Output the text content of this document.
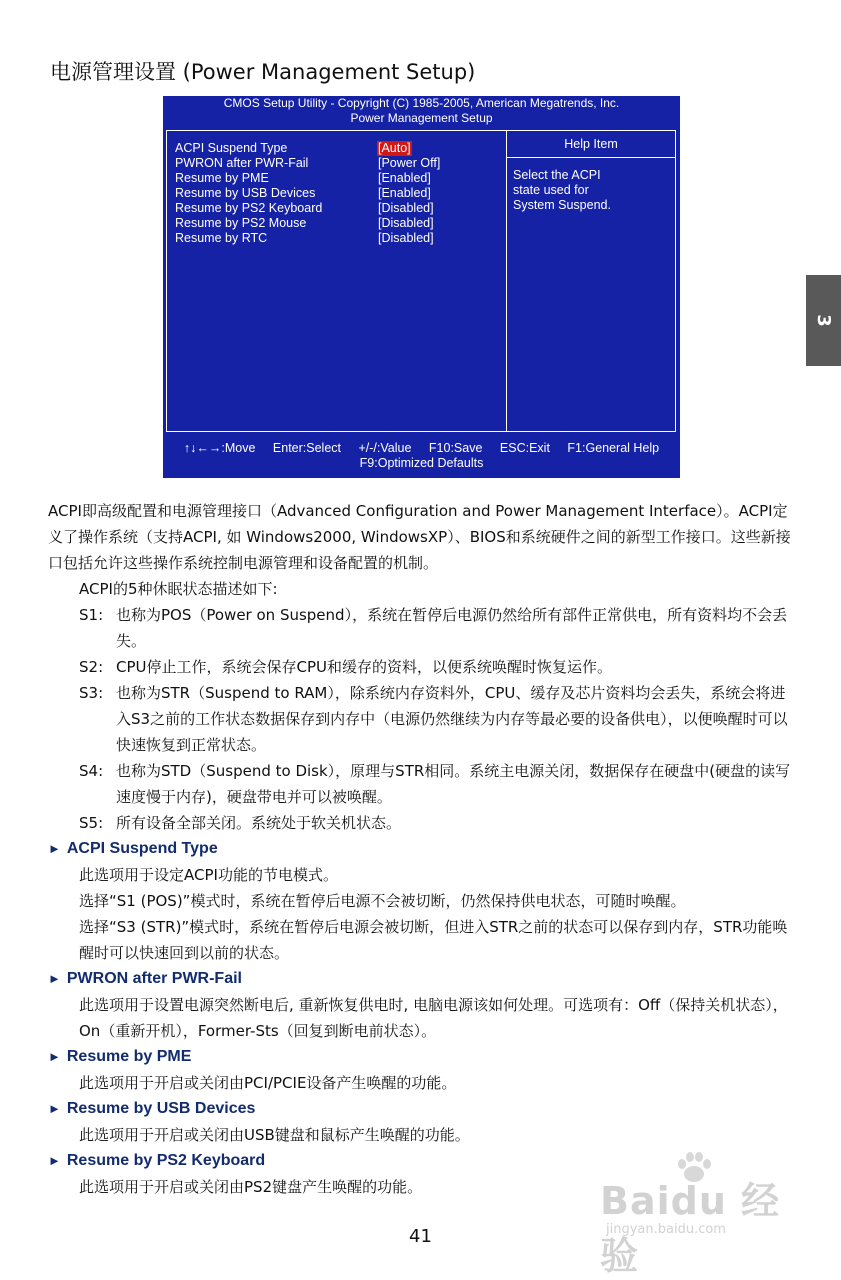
电源管理设置 (Power Management Setup)
CMOS Setup Utility - Copyright (C) 1985-2005, American Megatrends, Inc.
Power Management Setup
ACPI Suspend Type	[Auto]
PWRON after PWR-Fail	[Power Off]
Resume by PME	[Enabled]
Resume by USB Devices	[Enabled]
Resume by PS2 Keyboard	[Disabled]
Resume by PS2 Mouse	[Disabled]
Resume by RTC	[Disabled]
Help Item
Select the ACPI
state used for
System Suspend.
↑↓←→:Move Enter:Select +/-/:Value F10:Save ESC:Exit F1:General Help
F9:Optimized Defaults
3

ACPI即高级配置和电源管理接口（Advanced Configuration and Power Management Interface）。ACPI定义了操作系统（支持ACPI, 如 Windows2000, WindowsXP）、BIOS和系统硬件之间的新型工作接口。这些新接口包括允许这些操作系统控制电源管理和设备配置的机制。

ACPI的5种休眠状态描述如下:

S1: 也称为POS（Power on Suspend），系统在暂停后电源仍然给所有部件正常供电，所有资料均不会丢失。
S2: CPU停止工作，系统会保存CPU和缓存的资料，以便系统唤醒时恢复运作。
S3: 也称为STR（Suspend to RAM），除系统内存资料外，CPU、缓存及芯片资料均会丢失，系统会将进入S3之前的工作状态数据保存到内存中（电源仍然继续为内存等最必要的设备供电），以便唤醒时可以快速恢复到正常状态。
S4: 也称为STD（Suspend to Disk），原理与STR相同。系统主电源关闭，数据保存在硬盘中(硬盘的读写速度慢于内存)，硬盘带电并可以被唤醒。
S5: 所有设备全部关闭。系统处于软关机状态。
► ACPI Suspend Type
此选项用于设定ACPI功能的节电模式。
选择“S1 (POS)”模式时，系统在暂停后电源不会被切断，仍然保持供电状态，可随时唤醒。
选择“S3 (STR)”模式时，系统在暂停后电源会被切断，但进入STR之前的状态可以保存到内存，STR功能唤醒时可以快速回到以前的状态。
► PWRON after PWR-Fail
此选项用于设置电源突然断电后, 重新恢复供电时, 电脑电源该如何处理。可选项有：Off（保持关机状态），On（重新开机），Former-Sts（回复到断电前状态）。
► Resume by PME
此选项用于开启或关闭由PCI/PCIE设备产生唤醒的功能。
► Resume by USB Devices
此选项用于开启或关闭由USB键盘和鼠标产生唤醒的功能。
► Resume by PS2 Keyboard
此选项用于开启或关闭由PS2键盘产生唤醒的功能。	Baidu 经验
jingyan.baidu.com
41
